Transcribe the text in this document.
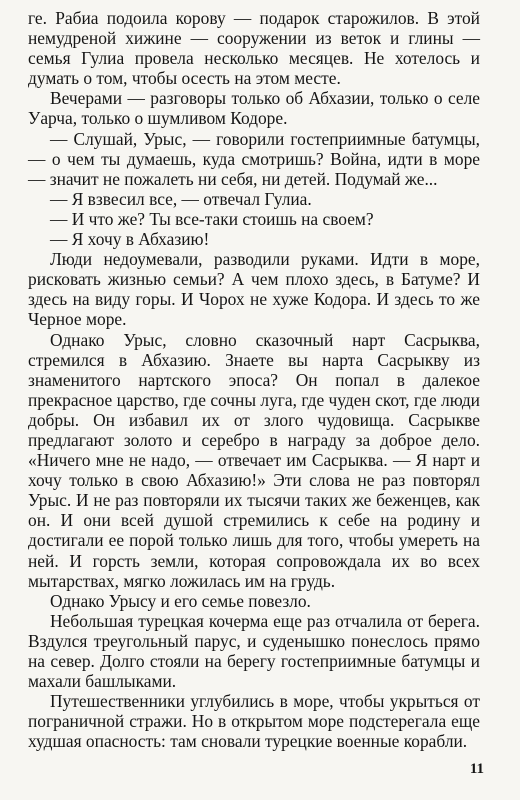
ге. Рабиа подоила корову — подарок старожилов. В этой немудреной хижине — сооружении из веток и глины — семья Гулиа провела несколько месяцев. Не хотелось и думать о том, чтобы осесть на этом месте.

Вечерами — разговоры только об Абхазии, только о селе Уарча, только о шумливом Кодоре.

— Слушай, Урыс, — говорили гостеприимные батумцы, — о чем ты думаешь, куда смотришь? Война, идти в море — значит не пожалеть ни себя, ни детей. Подумай же...

— Я взвесил все, — отвечал Гулиа.

— И что же? Ты все-таки стоишь на своем?

— Я хочу в Абхазию!

Люди недоумевали, разводили руками. Идти в море, рисковать жизнью семьи? А чем плохо здесь, в Батуме? И здесь на виду горы. И Чорох не хуже Кодора. И здесь то же Черное море.

Однако Урыс, словно сказочный нарт Сасрыква, стремился в Абхазию. Знаете вы нарта Сасрыкву из знаменитого нартского эпоса? Он попал в далекое прекрасное царство, где сочны луга, где чуден скот, где люди добры. Он избавил их от злого чудовища. Сасрыкве предлагают золото и серебро в награду за доброе дело. «Ничего мне не надо, — отвечает им Сасрыква. — Я нарт и хочу только в свою Абхазию!» Эти слова не раз повторял Урыс. И не раз повторяли их тысячи таких же беженцев, как он. И они всей душой стремились к себе на родину и достигали ее порой только лишь для того, чтобы умереть на ней. И горсть земли, которая сопровождала их во всех мытарствах, мягко ложилась им на грудь.

Однако Урысу и его семье повезло.

Небольшая турецкая кочерма еще раз отчалила от берега. Вздулся треугольный парус, и суденышко понеслось прямо на север. Долго стояли на берегу гостеприимные батумцы и махали башлыками.

Путешественники углубились в море, чтобы укрыться от пограничной стражи. Но в открытом море подстерегала еще худшая опасность: там сновали турецкие военные корабли.

11
